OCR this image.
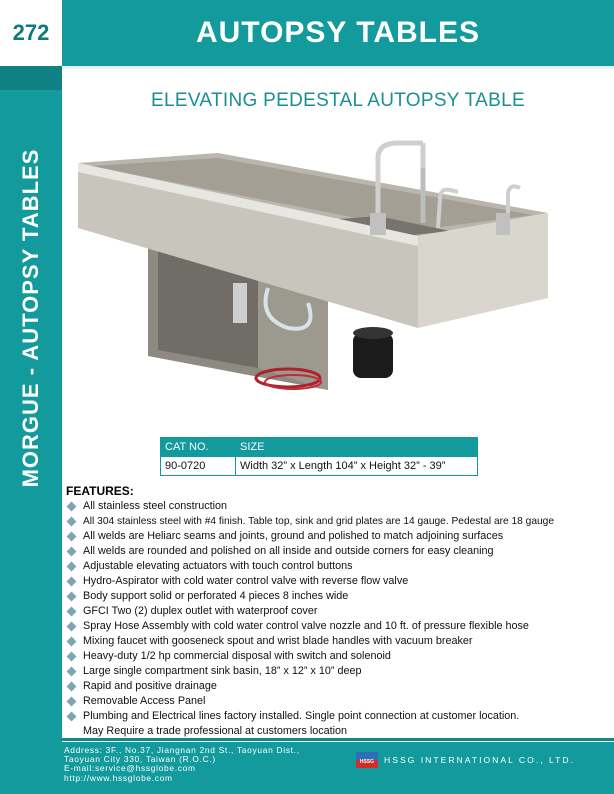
272	AUTOPSY TABLES
MORGUE - AUTOPSY TABLES
ELEVATING PEDESTAL AUTOPSY TABLE
CAT NO.	SIZE
90-0720	Width 32” x Length 104” x Height 32” - 39”
FEATURES:
All stainless steel construction
All 304 stainless steel with #4 finish. Table top, sink and grid plates are 14 gauge. Pedestal are 18 gauge
All welds are Heliarc seams and joints, ground and polished to match adjoining surfaces
All welds are rounded and polished on all inside and outside corners for easy cleaning
Adjustable elevating actuators with touch control buttons
Hydro-Aspirator with cold water control valve with reverse flow valve
Body support solid or perforated 4 pieces 8 inches wide
GFCI Two (2) duplex outlet with waterproof cover
Spray Hose Assembly with cold water control valve nozzle and 10 ft. of pressure flexible hose
Mixing faucet with gooseneck spout and wrist blade handles with vacuum breaker
Heavy-duty 1/2 hp commercial disposal with switch and solenoid
Large single compartment sink basin, 18” x 12” x 10” deep
Rapid and positive drainage
Removable Access Panel
Plumbing and Electrical lines factory installed. Single point connection at customer location.
May Require a trade professional at customers location
Address: 3F., No.37, Jiangnan 2nd St., Taoyuan Dist.,
Taoyuan City 330, Taiwan (R.O.C.)
E-mail:service@hssglobe.com
http://www.hssglobe.com
HSSG HSSG INTERNATIONAL CO., LTD.
